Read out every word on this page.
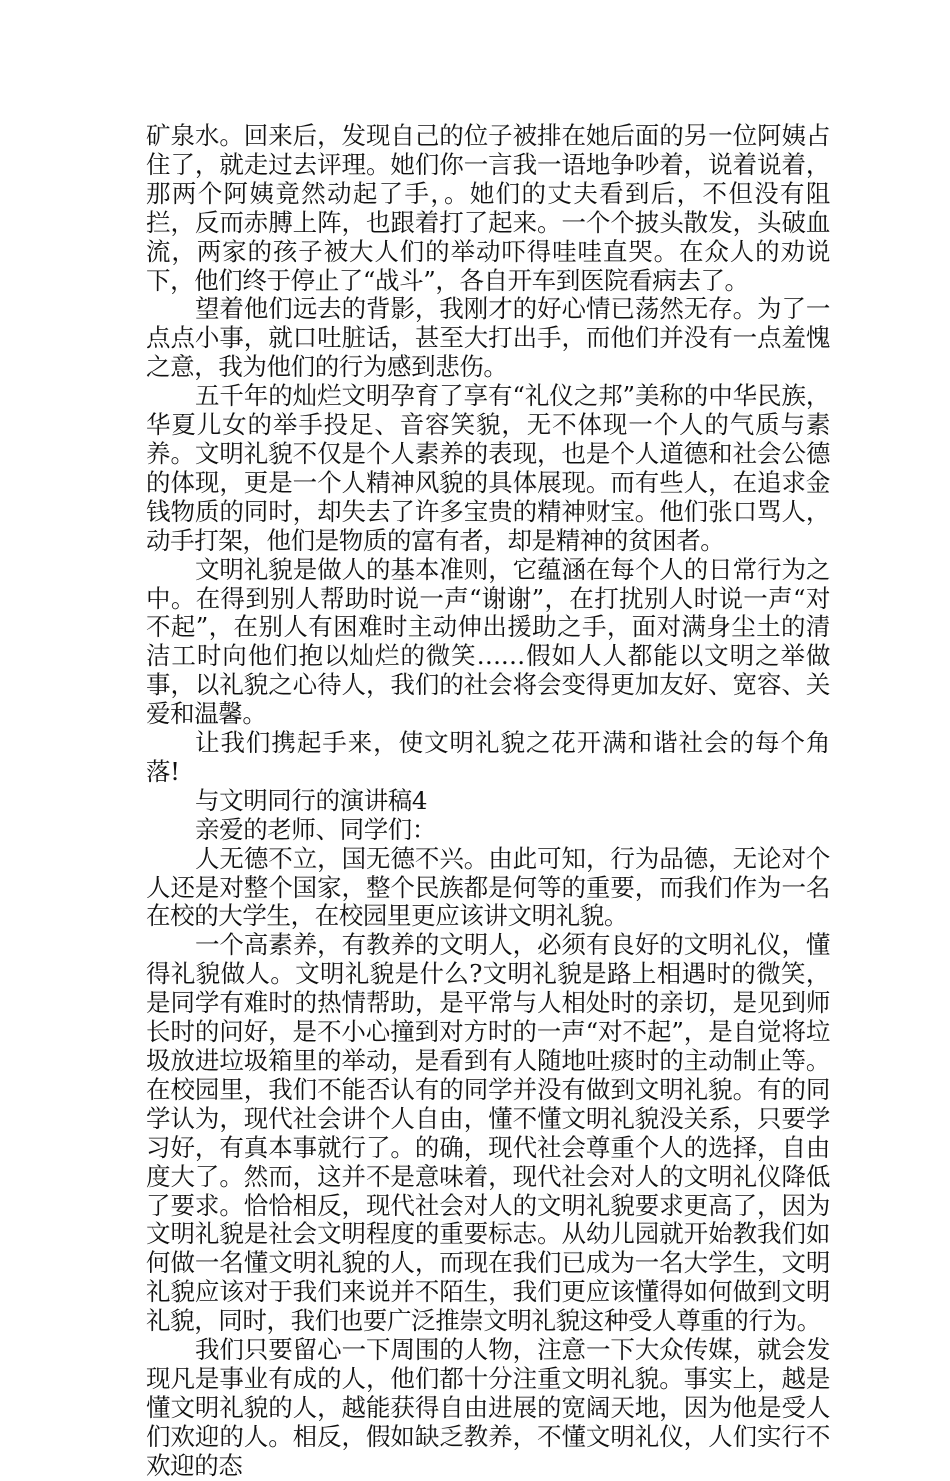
矿泉水。回来后，发现自己的位子被排在她后面的另一位阿姨占住了，就走过去评理。她们你一言我一语地争吵着，说着说着，那两个阿姨竟然动起了手，。她们的丈夫看到后，不但没有阻拦，反而赤膊上阵，也跟着打了起来。一个个披头散发，头破血流，两家的孩子被大人们的举动吓得哇哇直哭。在众人的劝说下，他们终于停止了“战斗”，各自开车到医院看病去了。

望着他们远去的背影，我刚才的好心情已荡然无存。为了一点点小事，就口吐脏话，甚至大打出手，而他们并没有一点羞愧之意，我为他们的行为感到悲伤。

五千年的灿烂文明孕育了享有“礼仪之邦”美称的中华民族，华夏儿女的举手投足、音容笑貌，无不体现一个人的气质与素养。文明礼貌不仅是个人素养的表现，也是个人道德和社会公德的体现，更是一个人精神风貌的具体展现。而有些人，在追求金钱物质的同时，却失去了许多宝贵的精神财宝。他们张口骂人，动手打架，他们是物质的富有者，却是精神的贫困者。

文明礼貌是做人的基本准则，它蕴涵在每个人的日常行为之中。在得到别人帮助时说一声“谢谢”，在打扰别人时说一声“对不起”，在别人有困难时主动伸出援助之手，面对满身尘土的清洁工时向他们抱以灿烂的微笑……假如人人都能以文明之举做事，以礼貌之心待人，我们的社会将会变得更加友好、宽容、关爱和温馨。

让我们携起手来，使文明礼貌之花开满和谐社会的每个角落!

与文明同行的演讲稿4

亲爱的老师、同学们：

人无德不立，国无德不兴。由此可知，行为品德，无论对个人还是对整个国家，整个民族都是何等的重要，而我们作为一名在校的大学生，在校园里更应该讲文明礼貌。

一个高素养，有教养的文明人，必须有良好的文明礼仪，懂得礼貌做人。文明礼貌是什么?文明礼貌是路上相遇时的微笑，是同学有难时的热情帮助，是平常与人相处时的亲切，是见到师长时的问好，是不小心撞到对方时的一声“对不起”，是自觉将垃圾放进垃圾箱里的举动，是看到有人随地吐痰时的主动制止等。在校园里，我们不能否认有的同学并没有做到文明礼貌。有的同学认为，现代社会讲个人自由，懂不懂文明礼貌没关系，只要学习好，有真本事就行了。的确，现代社会尊重个人的选择，自由度大了。然而，这并不是意味着，现代社会对人的文明礼仪降低了要求。恰恰相反，现代社会对人的文明礼貌要求更高了，因为文明礼貌是社会文明程度的重要标志。从幼儿园就开始教我们如何做一名懂文明礼貌的人，而现在我们已成为一名大学生，文明礼貌应该对于我们来说并不陌生，我们更应该懂得如何做到文明礼貌，同时，我们也要广泛推崇文明礼貌这种受人尊重的行为。

我们只要留心一下周围的人物，注意一下大众传媒，就会发现凡是事业有成的人，他们都十分注重文明礼貌。事实上，越是懂文明礼貌的人，越能获得自由进展的宽阔天地，因为他是受人们欢迎的人。相反，假如缺乏教养，不懂文明礼仪，人们实行不欢迎的态
